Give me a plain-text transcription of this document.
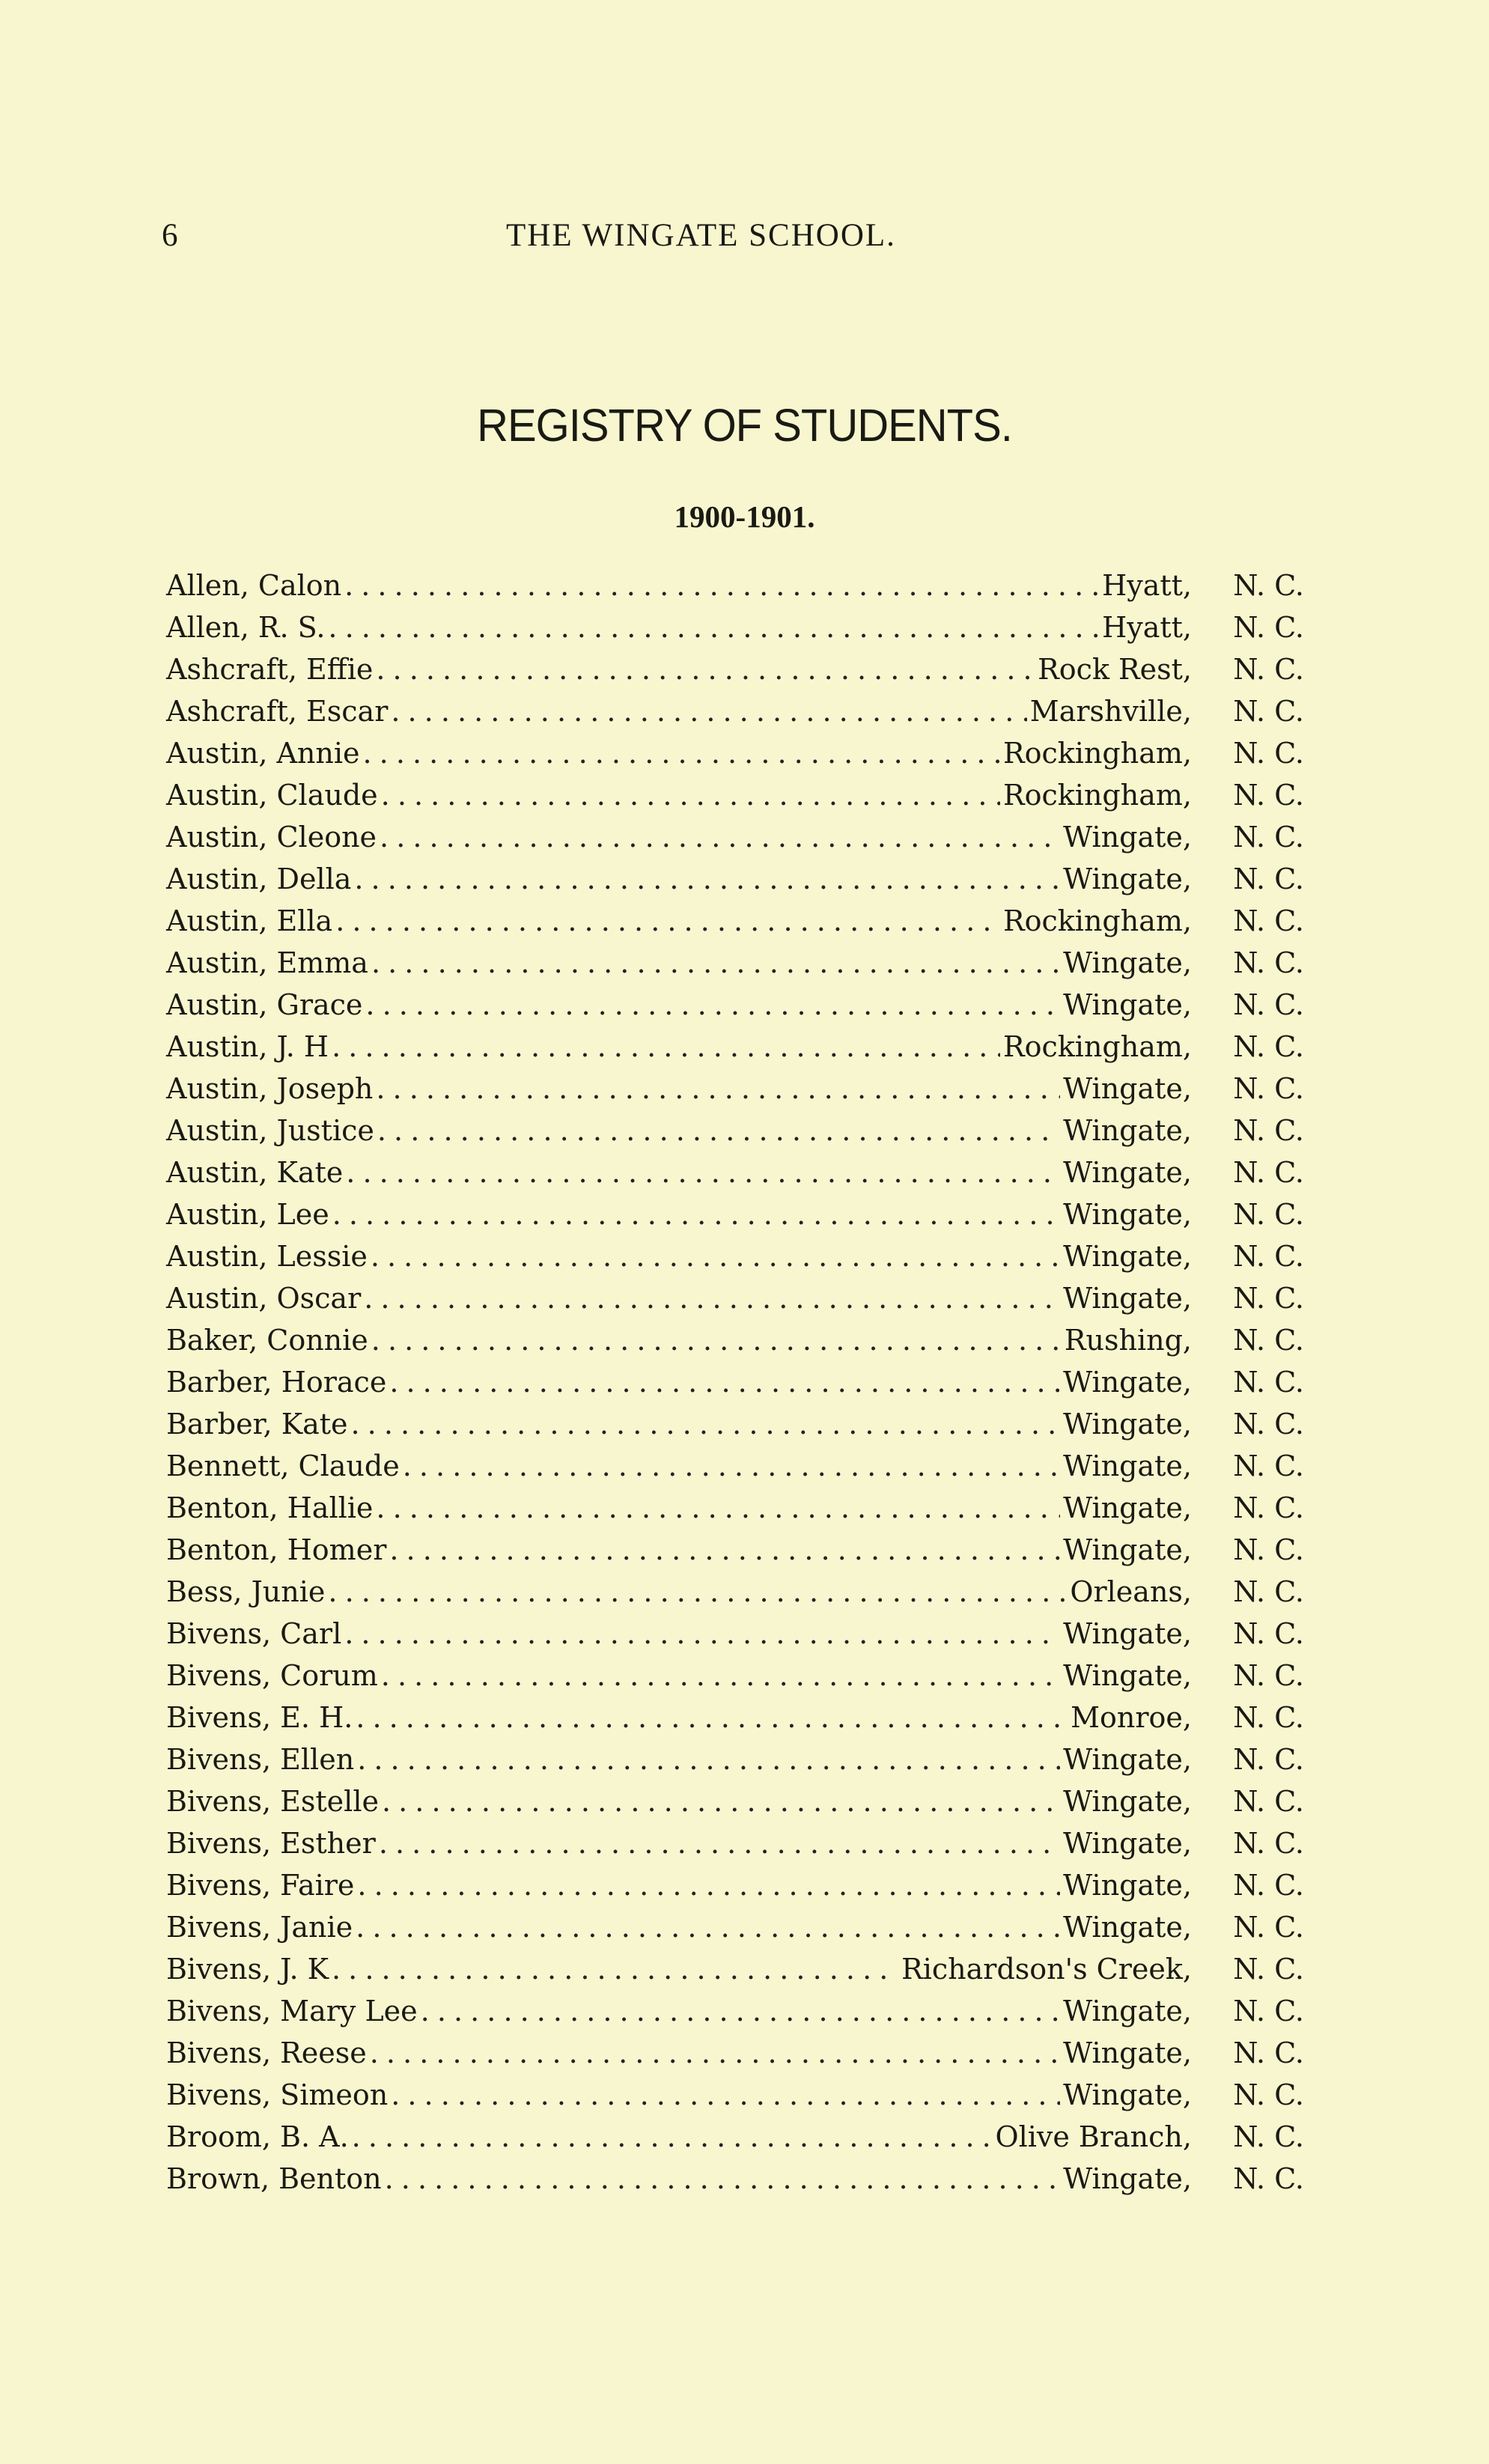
6	THE WINGATE SCHOOL.
REGISTRY OF STUDENTS.
1900-1901.
Allen, Calon . . .	Hyatt,	N. C.
Allen, R. S. . . .	Hyatt,	N. C.
Ashcraft, Effie . . .	Rock Rest,	N. C.
Ashcraft, Escar . . .	Marshville,	N. C.
Austin, Annie . . .	Rockingham,	N. C.
Austin, Claude . . .	Rockingham,	N. C.
Austin, Cleone . . .	Wingate,	N. C.
Austin, Della . . .	Wingate,	N. C.
Austin, Ella . . .	Rockingham,	N. C.
Austin, Emma . . .	Wingate,	N. C.
Austin, Grace . . .	Wingate,	N. C.
Austin, J. H . . .	Rockingham,	N. C.
Austin, Joseph . . .	Wingate,	N. C.
Austin, Justice . . .	Wingate,	N. C.
Austin, Kate . . .	Wingate,	N. C.
Austin, Lee . . .	Wingate,	N. C.
Austin, Lessie . . .	Wingate,	N. C.
Austin, Oscar . . .	Wingate,	N. C.
Baker, Connie . . .	Rushing,	N. C.
Barber, Horace . . .	Wingate,	N. C.
Barber, Kate . . .	Wingate,	N. C.
Bennett, Claude . . .	Wingate,	N. C.
Benton, Hallie . . .	Wingate,	N. C.
Benton, Homer . . .	Wingate,	N. C.
Bess, Junie . . .	Orleans,	N. C.
Bivens, Carl . . .	Wingate,	N. C.
Bivens, Corum . . .	Wingate,	N. C.
Bivens, E. H. . . .	Monroe,	N. C.
Bivens, Ellen . . .	Wingate,	N. C.
Bivens, Estelle . . .	Wingate,	N. C.
Bivens, Esther . . .	Wingate,	N. C.
Bivens, Faire . . .	Wingate,	N. C.
Bivens, Janie . . .	Wingate,	N. C.
Bivens, J. K . . .	Richardson's Creek,	N. C.
Bivens, Mary Lee . . .	Wingate,	N. C.
Bivens, Reese . . .	Wingate,	N. C.
Bivens, Simeon . . .	Wingate,	N. C.
Broom, B. A. . . .	Olive Branch,	N. C.
Brown, Benton . . .	Wingate,	N. C.
